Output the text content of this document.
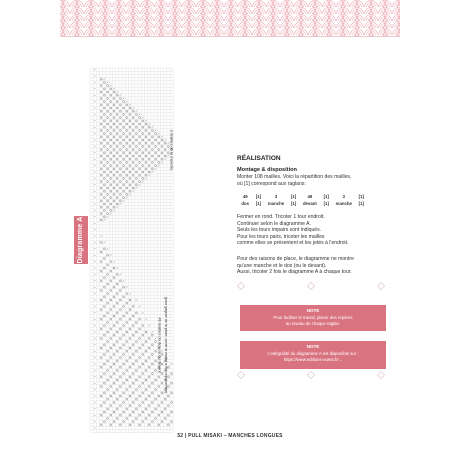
Diagramme A
3 mailles de la manche
49 mailles du dos ou du devant (pour gagner de la place, seule la moitié a été représentée)
RÉALISATION
Montage & disposition
Monter 108 mailles. Voici la répartition des mailles,
où [1] correspond aux raglans:
49	[1]	3	[1]	49	[1]	3	[1]
dos	[1]	manche	[1]	devant	[1]	manche	[1]
Fermer en rond. Tricoter 1 tour endroit.
Continuer selon le diagramme A.
Seuls les tours impairs sont indiqués.
Pour les tours pairs, tricoter les mailles
comme elles se présentent et les jetés à l'endroit.
Pour des raisons de place, le diagramme ne montre
qu'une manche et le dos (ou le devant).
Aussi, tricoter 2 fois le diagramme A à chaque tour.
NOTE
Pour faciliter le travail, placer des repères
au niveau de chaque raglan.
NOTE
L'intégralité du diagramme A est disponible sur :
https://www.editions-ouest.fr/...
52 | PULL MISAKI – MANCHES LONGUES
